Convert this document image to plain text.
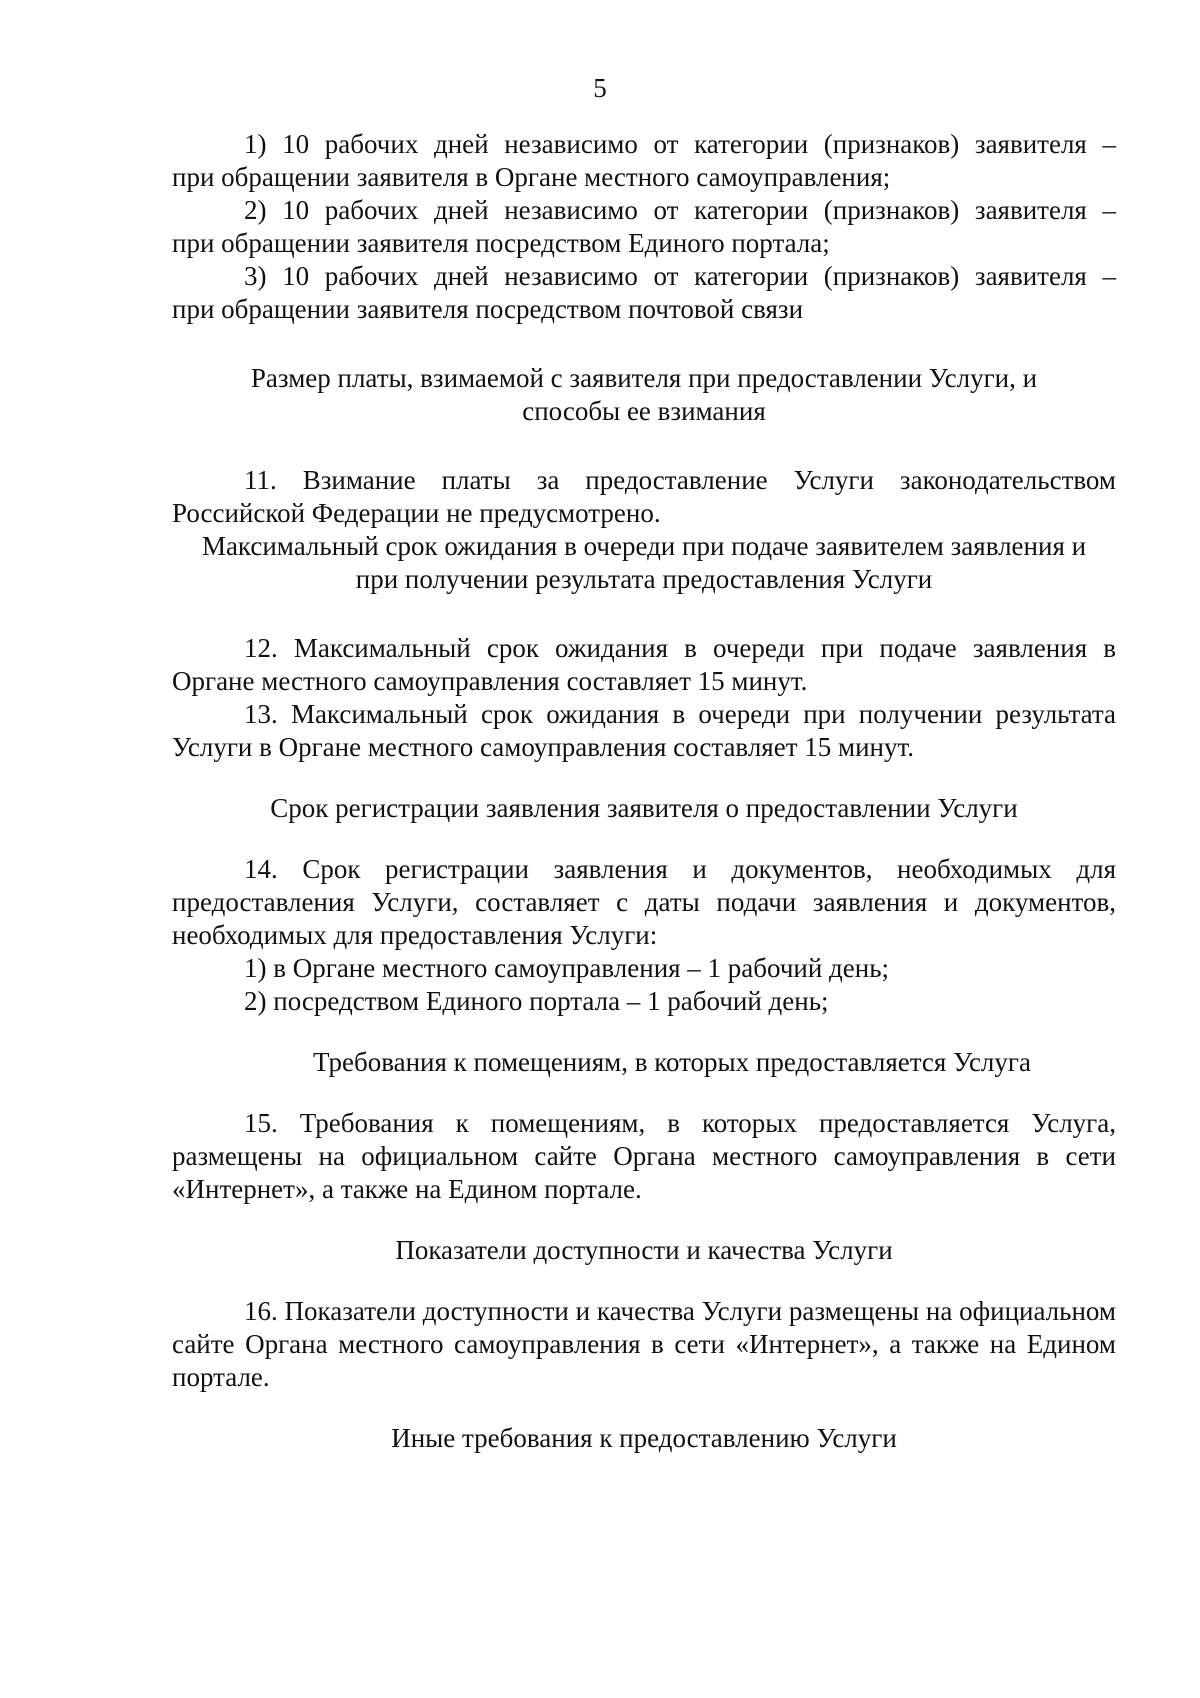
5

1) 10 рабочих дней независимо от категории (признаков) заявителя –

при обращении заявителя в Органе местного самоуправления;

2) 10 рабочих дней независимо от категории (признаков) заявителя –

при обращении заявителя посредством Единого портала;

3) 10 рабочих дней независимо от категории (признаков) заявителя –

при обращении заявителя посредством почтовой связи

Размер платы, взимаемой с заявителя при предоставлении Услуги, и

способы ее взимания

11. Взимание платы за предоставление Услуги законодательством Российской Федерации не предусмотрено.

Максимальный срок ожидания в очереди при подаче заявителем заявления и

при получении результата предоставления Услуги

12. Максимальный срок ожидания в очереди при подаче заявления в Органе местного самоуправления составляет 15 минут.

13. Максимальный срок ожидания в очереди при получении результата Услуги в Органе местного самоуправления составляет 15 минут.

Срок регистрации заявления заявителя о предоставлении Услуги

14. Срок регистрации заявления и документов, необходимых для предоставления Услуги, составляет с даты подачи заявления и документов, необходимых для предоставления Услуги:

1) в Органе местного самоуправления – 1 рабочий день;

2) посредством Единого портала – 1 рабочий день;

Требования к помещениям, в которых предоставляется Услуга

15. Требования к помещениям, в которых предоставляется Услуга, размещены на официальном сайте Органа местного самоуправления в сети «Интернет», а также на Едином портале.

Показатели доступности и качества Услуги

16. Показатели доступности и качества Услуги размещены на официальном сайте Органа местного самоуправления в сети «Интернет», а также на Едином портале.

Иные требования к предоставлению Услуги
